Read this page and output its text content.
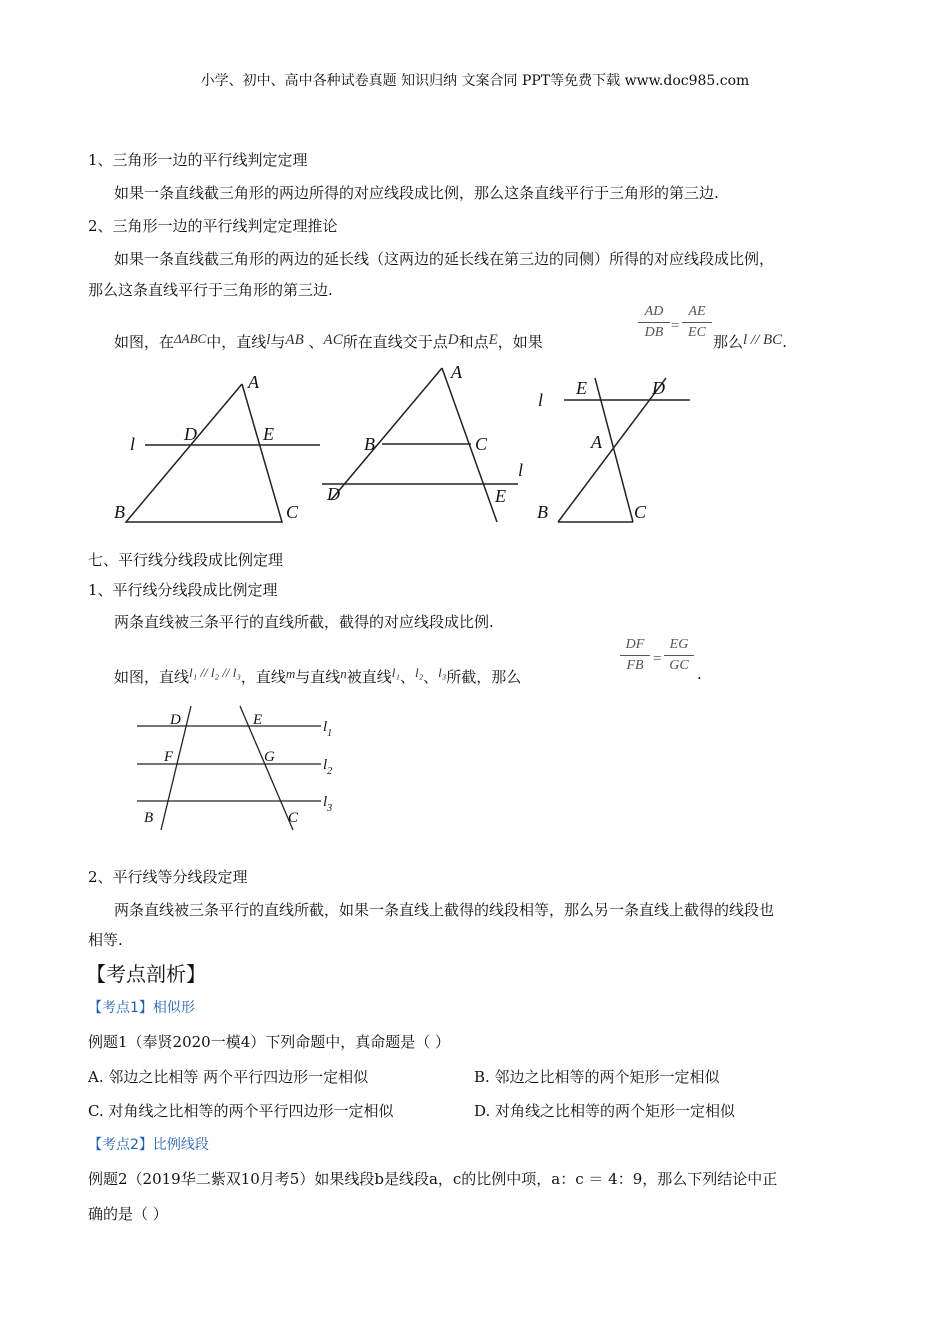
小学、初中、高中各种试卷真题 知识归纳 文案合同 PPT等免费下载 www.doc985.com
1、三角形一边的平行线判定定理
如果一条直线截三角形的两边所得的对应线段成比例，那么这条直线平行于三角形的第三边.
2、三角形一边的平行线判定定理推论
如果一条直线截三角形的两边的延长线（这两边的延长线在第三边的同侧）所得的对应线段成比例，
那么这条直线平行于三角形的第三边.
如图，在ΔABC中，直线l与AB 、AC所在直线交于点D和点E，如果
AD
DB =
AE
EC
那么l // BC.
A
D	E
l
B	C
A
B	C
l
D	E
E	D
l
A
B	C
七、平行线分线段成比例定理
1、平行线分线段成比例定理
两条直线被三条平行的直线所截，截得的对应线段成比例.
如图，直线l₁ // l₂ // l₃，直线m与直线n被直线l₁、l₂、l₃所截，那么
DF
FB =
EG
GC .
D	E
F	G
B	C
$l_1$
$l_2$
$l_3$
2、平行线等分线段定理
两条直线被三条平行的直线所截，如果一条直线上截得的线段相等，那么另一条直线上截得的线段也
相等.
【考点剖析】
【考点1】相似形
例题1（奉贤2020一模4）下列命题中，真命题是（ ）
A. 邻边之比相等 两个平行四边形一定相似	B. 邻边之比相等的两个矩形一定相似
C. 对角线之比相等的两个平行四边形一定相似	D. 对角线之比相等的两个矩形一定相似
【考点2】比例线段
例题2（2019华二紫双10月考5）如果线段b是线段a，c的比例中项，a：c ＝ 4：9，那么下列结论中正
确的是（ ）
